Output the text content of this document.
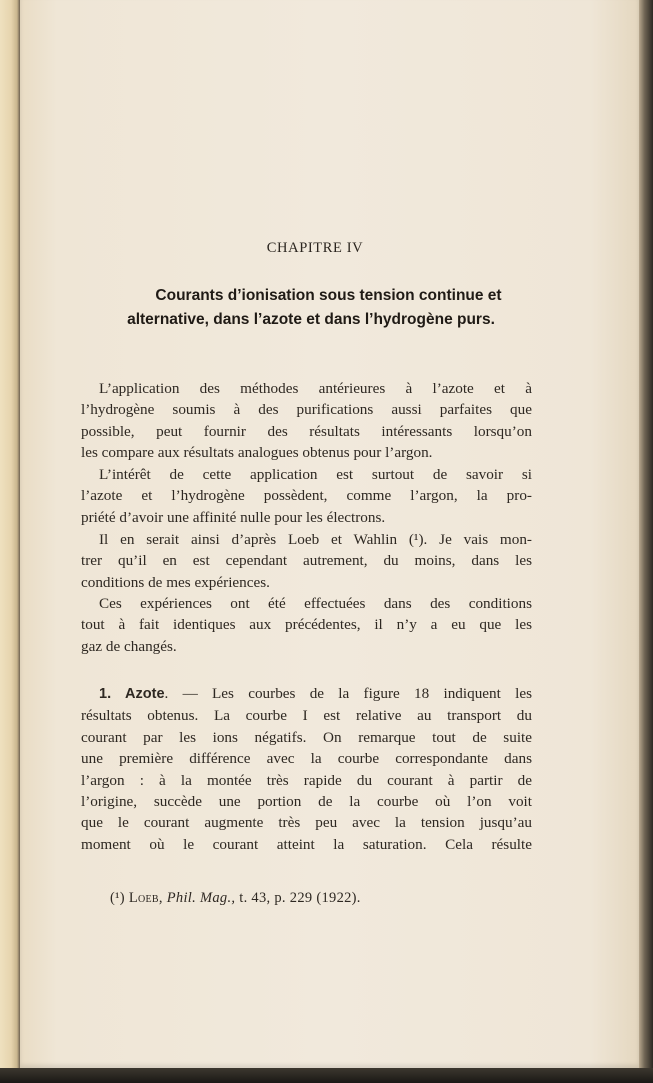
CHAPITRE IV
Courants d’ionisation sous tension continue et
alternative, dans l’azote et dans l’hydrogène purs.
L’application des méthodes antérieures à l’azote et à
l’hydrogène soumis à des purifications aussi parfaites que
possible, peut fournir des résultats intéressants lorsqu’on
les compare aux résultats analogues obtenus pour l’argon.
L’intérêt de cette application est surtout de savoir si
l’azote et l’hydrogène possèdent, comme l’argon, la pro-
priété d’avoir une affinité nulle pour les électrons.
Il en serait ainsi d’après Loeb et Wahlin (¹). Je vais mon-
trer qu’il en est cependant autrement, du moins, dans les
conditions de mes expériences.
Ces expériences ont été effectuées dans des conditions
tout à fait identiques aux précédentes, il n’y a eu que les
gaz de changés.
1. Azote. — Les courbes de la figure 18 indiquent les
résultats obtenus. La courbe I est relative au transport du
courant par les ions négatifs. On remarque tout de suite
une première différence avec la courbe correspondante dans
l’argon : à la montée très rapide du courant à partir de
l’origine, succède une portion de la courbe où l’on voit
que le courant augmente très peu avec la tension jusqu’au
moment où le courant atteint la saturation. Cela résulte
(¹) Loeb, Phil. Mag., t. 43, p. 229 (1922).
